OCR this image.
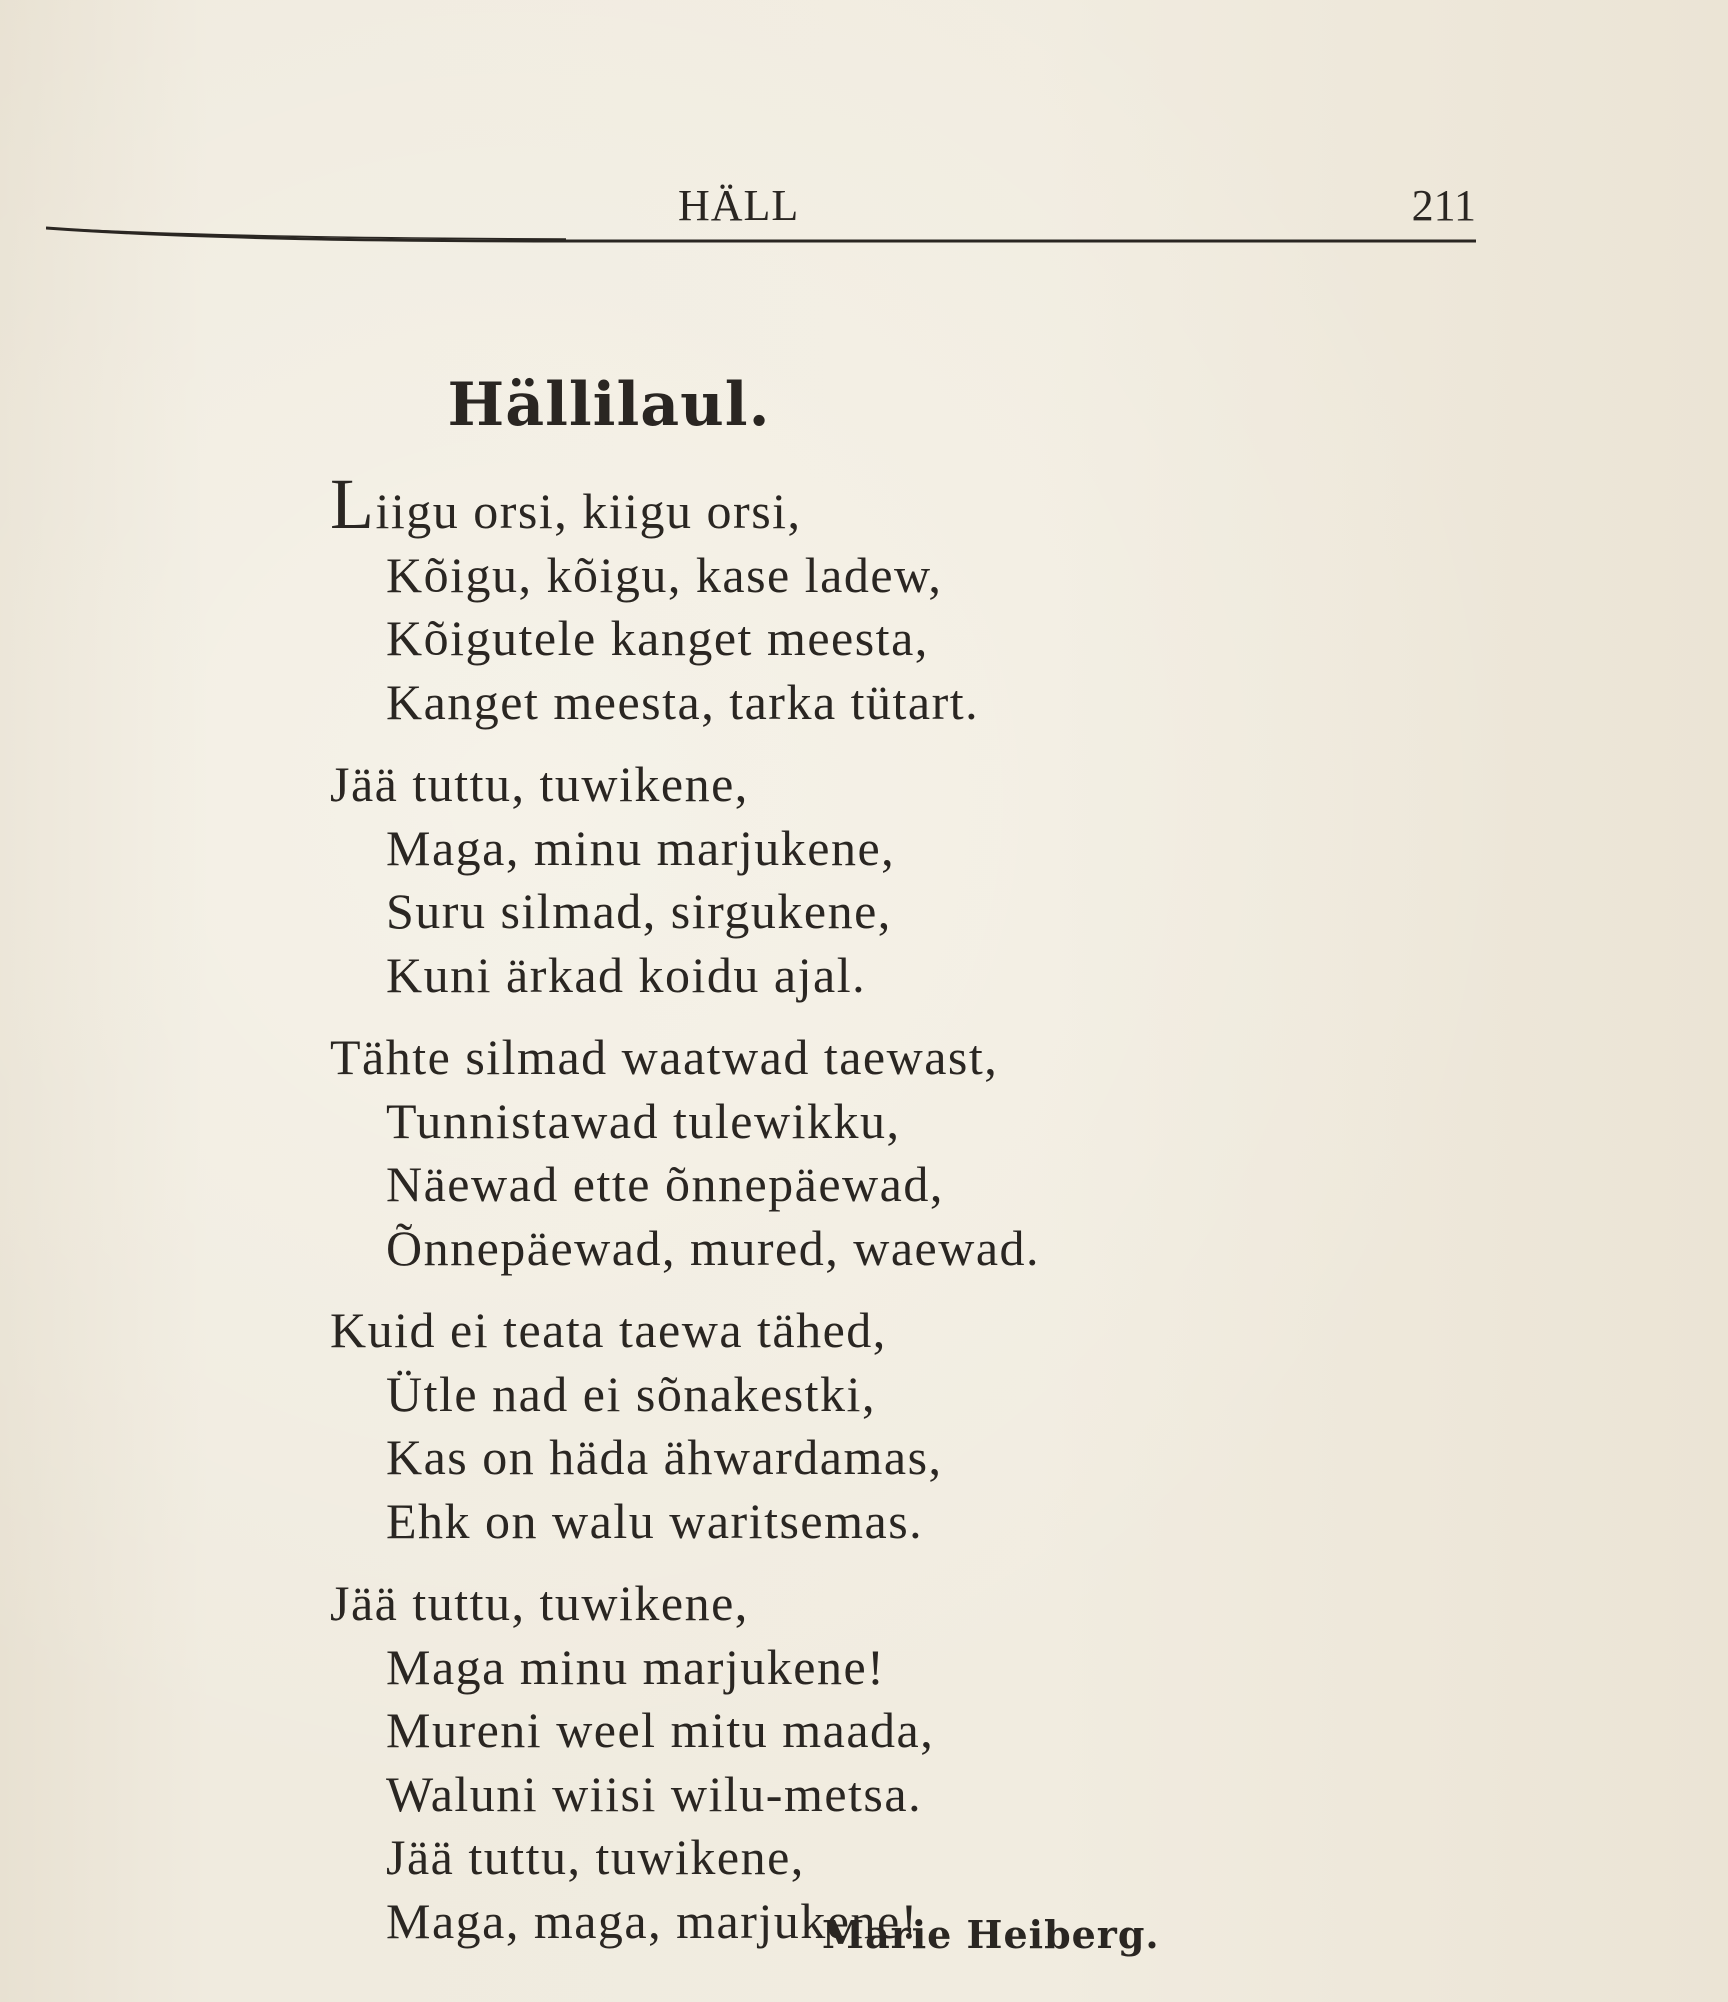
HÄLL	211
Hällilaul.
Liigu orsi, kiigu orsi,
Kõigu, kõigu, kase ladew,
Kõigutele kanget meesta,
Kanget meesta, tarka tütart.
Jää tuttu, tuwikene,
Maga, minu marjukene,
Suru silmad, sirgukene,
Kuni ärkad koidu ajal.
Tähte silmad waatwad taewast,
Tunnistawad tulewikku,
Näewad ette õnnepäewad,
Õnnepäewad, mured, waewad.
Kuid ei teata taewa tähed,
Ütle nad ei sõnakestki,
Kas on häda ähwardamas,
Ehk on walu waritsemas.
Jää tuttu, tuwikene,
Maga minu marjukene!
Mureni weel mitu maada,
Waluni wiisi wilu-metsa.
Jää tuttu, tuwikene,
Maga, maga, marjukene!
Marie Heiberg.
